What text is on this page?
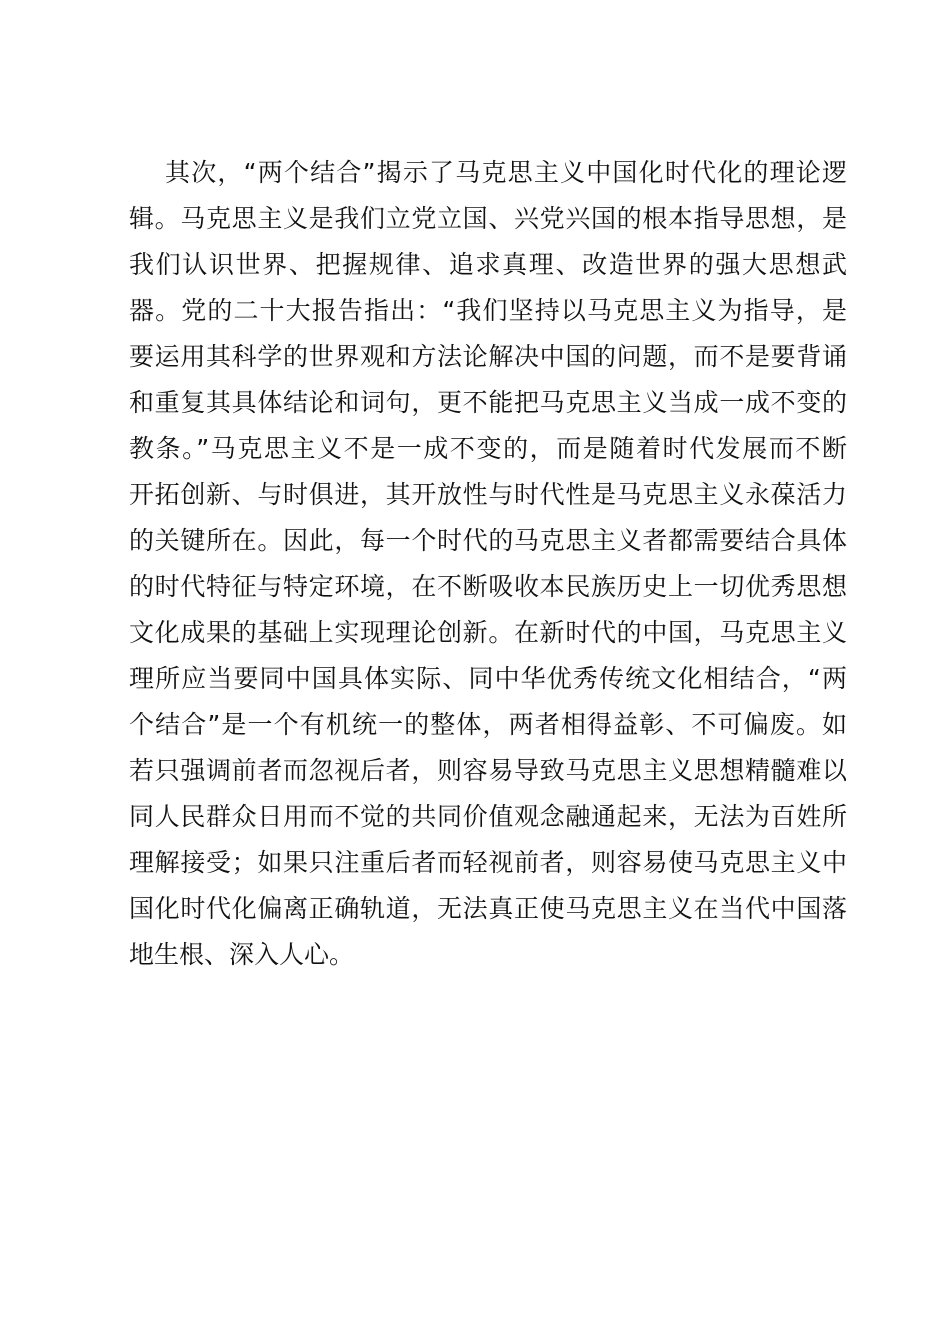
其次，“两个结合”揭示了马克思主义中国化时代化的理论逻
辑。马克思主义是我们立党立国、兴党兴国的根本指导思想，是
我们认识世界、把握规律、追求真理、改造世界的强大思想武
器。党的二十大报告指出：“我们坚持以马克思主义为指导，是
要运用其科学的世界观和方法论解决中国的问题，而不是要背诵
和重复其具体结论和词句，更不能把马克思主义当成一成不变的
教条。”马克思主义不是一成不变的，而是随着时代发展而不断
开拓创新、与时俱进，其开放性与时代性是马克思主义永葆活力
的关键所在。因此，每一个时代的马克思主义者都需要结合具体
的时代特征与特定环境，在不断吸收本民族历史上一切优秀思想
文化成果的基础上实现理论创新。在新时代的中国，马克思主义
理所应当要同中国具体实际、同中华优秀传统文化相结合，“两
个结合”是一个有机统一的整体，两者相得益彰、不可偏废。如
若只强调前者而忽视后者，则容易导致马克思主义思想精髓难以
同人民群众日用而不觉的共同价值观念融通起来，无法为百姓所
理解接受；如果只注重后者而轻视前者，则容易使马克思主义中
国化时代化偏离正确轨道，无法真正使马克思主义在当代中国落
地生根、深入人心。
